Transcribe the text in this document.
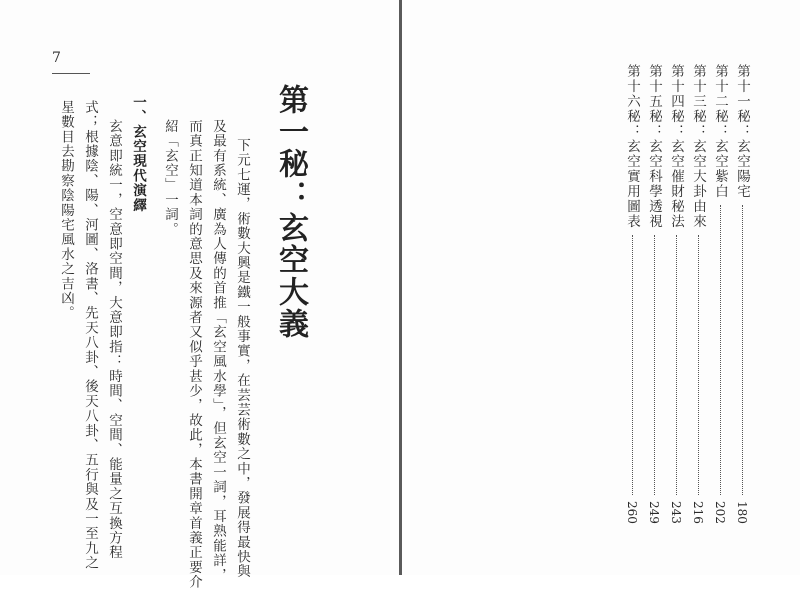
7
第一秘：玄空大義
下元七運，術數大興是鐵一般事實，在芸芸術數之中，發展得最快與
及最有系統、廣為人傳的首推「玄空風水學」，但玄空一詞，耳熟能詳，
而真正知道本詞的意思及來源者又似乎甚少，故此，本書開章首義正要介
紹「玄空」一詞。
一、玄空現代演繹
玄意即統一，空意即空間，大意即指：時間、空間、能量之互換方程
式；根據陰、陽、河圖、洛書、先天八卦、後天八卦、五行與及一至九之
星數目去勘察陰陽宅風水之吉凶。	第十一秘：玄空陽宅
180
第十二秘：玄空紫白
202
第十三秘：玄空大卦由來
216
第十四秘：玄空催財秘法
243
第十五秘：玄空科學透視
249
第十六秘：玄空實用圖表
260
